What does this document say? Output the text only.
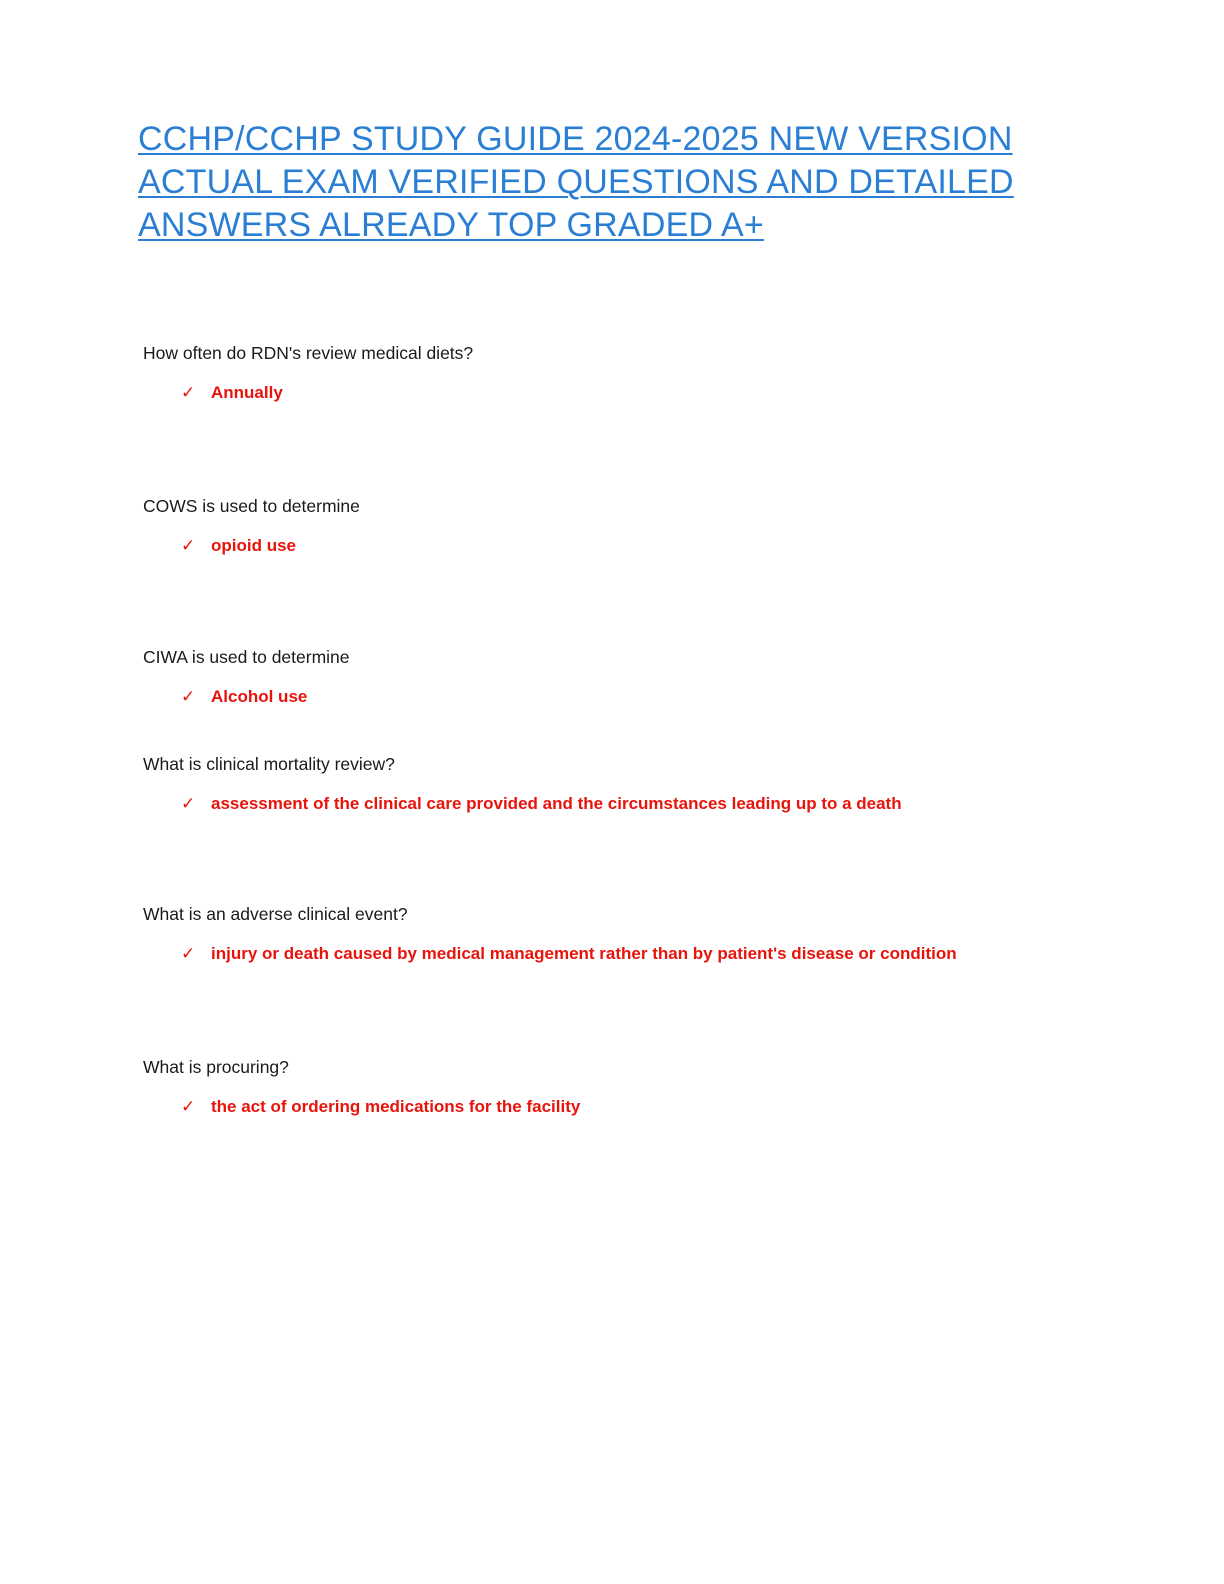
CCHP/CCHP STUDY GUIDE 2024-2025 NEW VERSION
ACTUAL EXAM VERIFIED QUESTIONS AND DETAILED
ANSWERS ALREADY TOP GRADED A+

How often do RDN's review medical diets?

✓ Annually

COWS is used to determine

✓ opioid use

CIWA is used to determine

✓ Alcohol use

What is clinical mortality review?

✓ assessment of the clinical care provided and the circumstances leading up to a death

What is an adverse clinical event?

✓ injury or death caused by medical management rather than by patient's disease or condition

What is procuring?

✓ the act of ordering medications for the facility
